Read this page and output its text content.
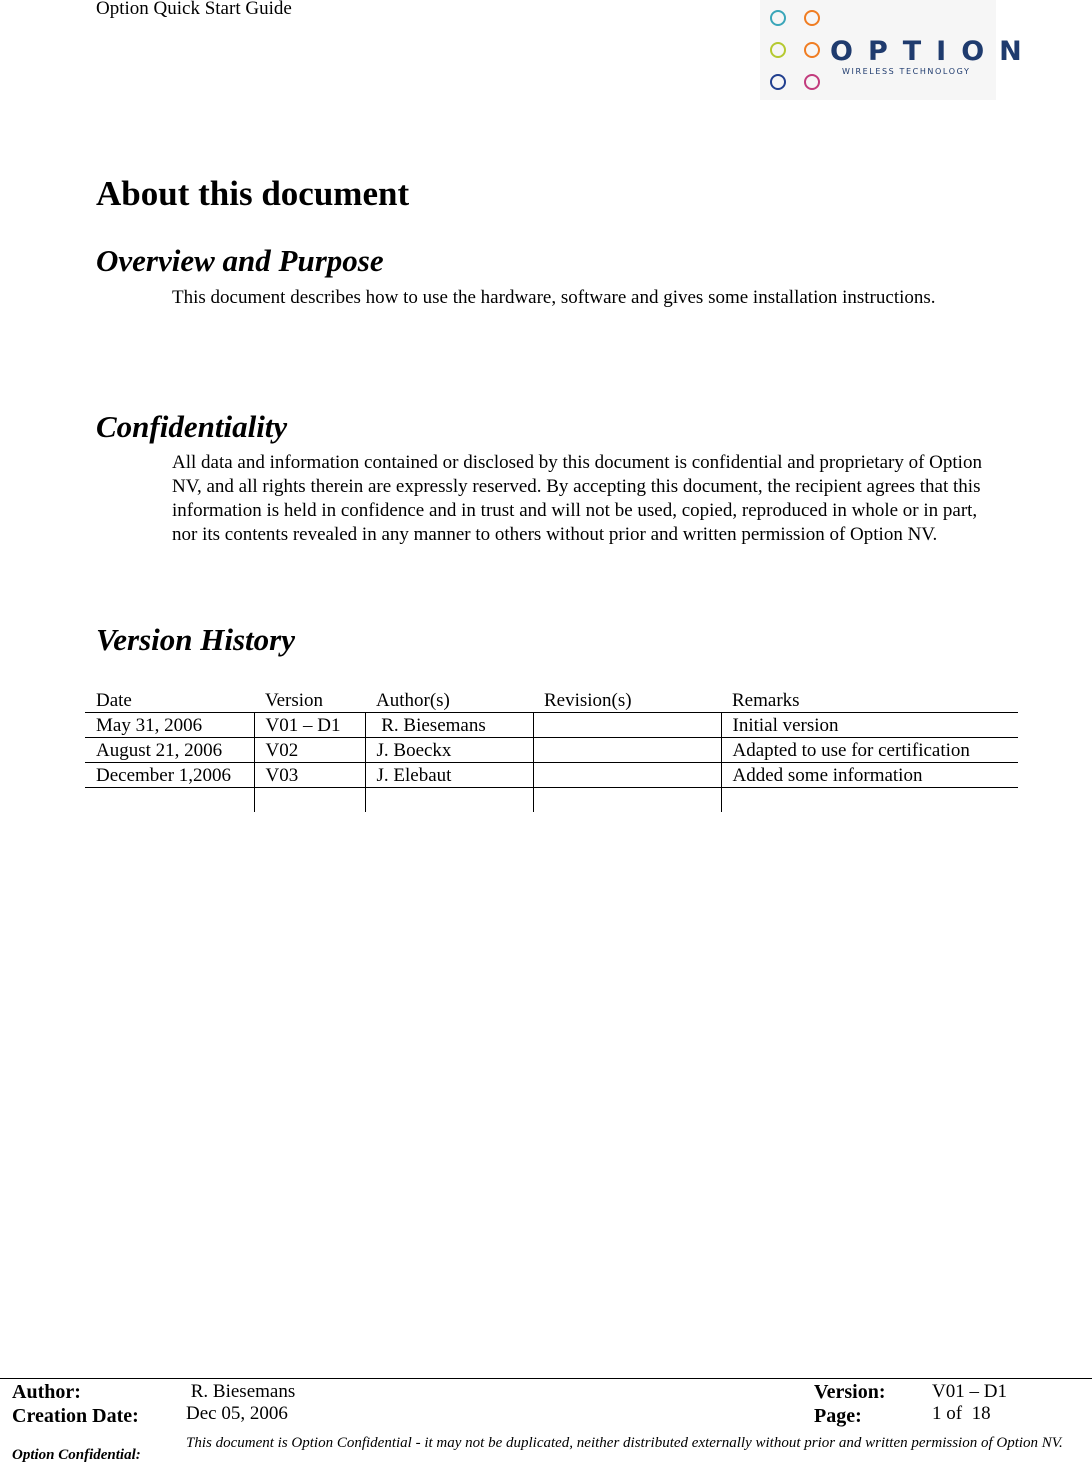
Option Quick Start Guide
OPTION
WIRELESS TECHNOLOGY
About this document
Overview and Purpose

This document describes how to use the hardware, software and gives some installation instructions.

Confidentiality

All data and information contained or disclosed by this document is confidential and proprietary of Option NV, and all rights therein are expressly reserved. By accepting this document, the recipient agrees that this information is held in confidence and in trust and will not be used, copied, reproduced in whole or in part, nor its contents revealed in any manner to others without prior and written permission of Option NV.

Version History
Date	Version	Author(s)	Revision(s)	Remarks
May 31, 2006	V01 – D1	R. Biesemans		Initial version
August 21, 2006	V02	J. Boeckx		Adapted to use for certification
December 1,2006	V03	J. Elebaut		Added some information

Author:	R. Biesemans	Version: V01 – D1
Creation Date: Dec 05, 2006	Page:	1 of  18
Option Confidential:
This document is Option Confidential - it may not be duplicated, neither distributed externally without prior and written permission of Option NV.
